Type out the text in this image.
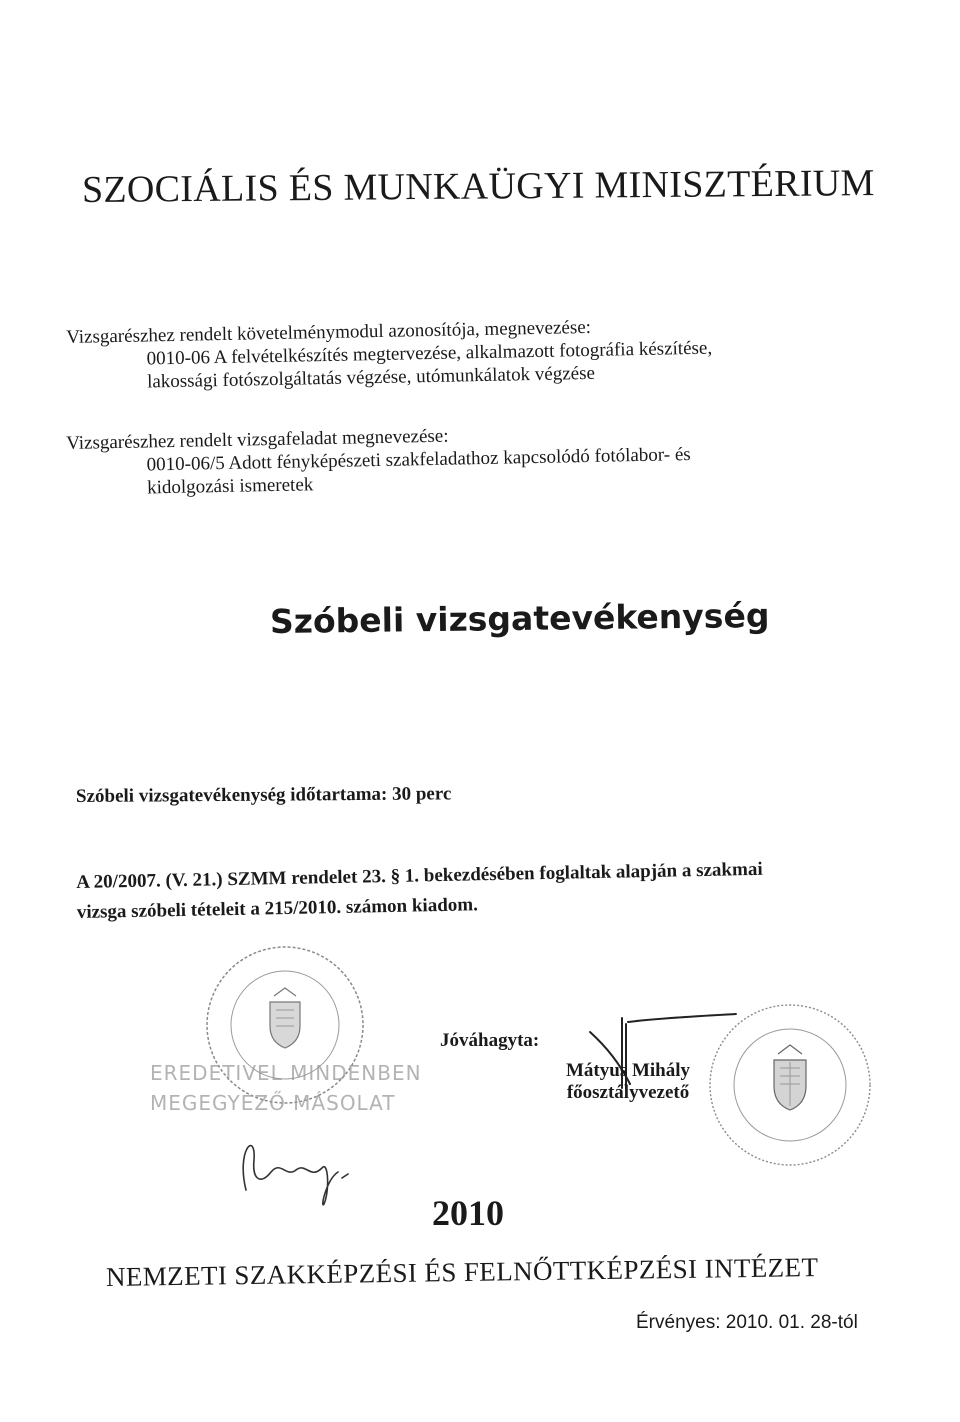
SZOCIÁLIS ÉS MUNKAÜGYI MINISZTÉRIUM
Vizsgarészhez rendelt követelménymodul azonosítója, megnevezése:
0010-06 A felvételkészítés megtervezése, alkalmazott fotográfia készítése,
lakossági fotószolgáltatás végzése, utómunkálatok végzése
Vizsgarészhez rendelt vizsgafeladat megnevezése:
0010-06/5 Adott fényképészeti szakfeladathoz kapcsolódó fotólabor- és
kidolgozási ismeretek
Szóbeli vizsgatevékenység
Szóbeli vizsgatevékenység időtartama: 30 perc
A 20/2007. (V. 21.) SZMM rendelet 23. § 1. bekezdésében foglaltak alapján a szakmai
vizsga szóbeli tételeit a 215/2010. számon kiadom.
EREDETIVEL MINDENBEN
MEGEGYEZŐ MÁSOLAT
Jóváhagyta:
Mátyus Mihály
főosztályvezető
2010
NEMZETI SZAKKÉPZÉSI ÉS FELNŐTTKÉPZÉSI INTÉZET
Érvényes: 2010. 01. 28-tól
